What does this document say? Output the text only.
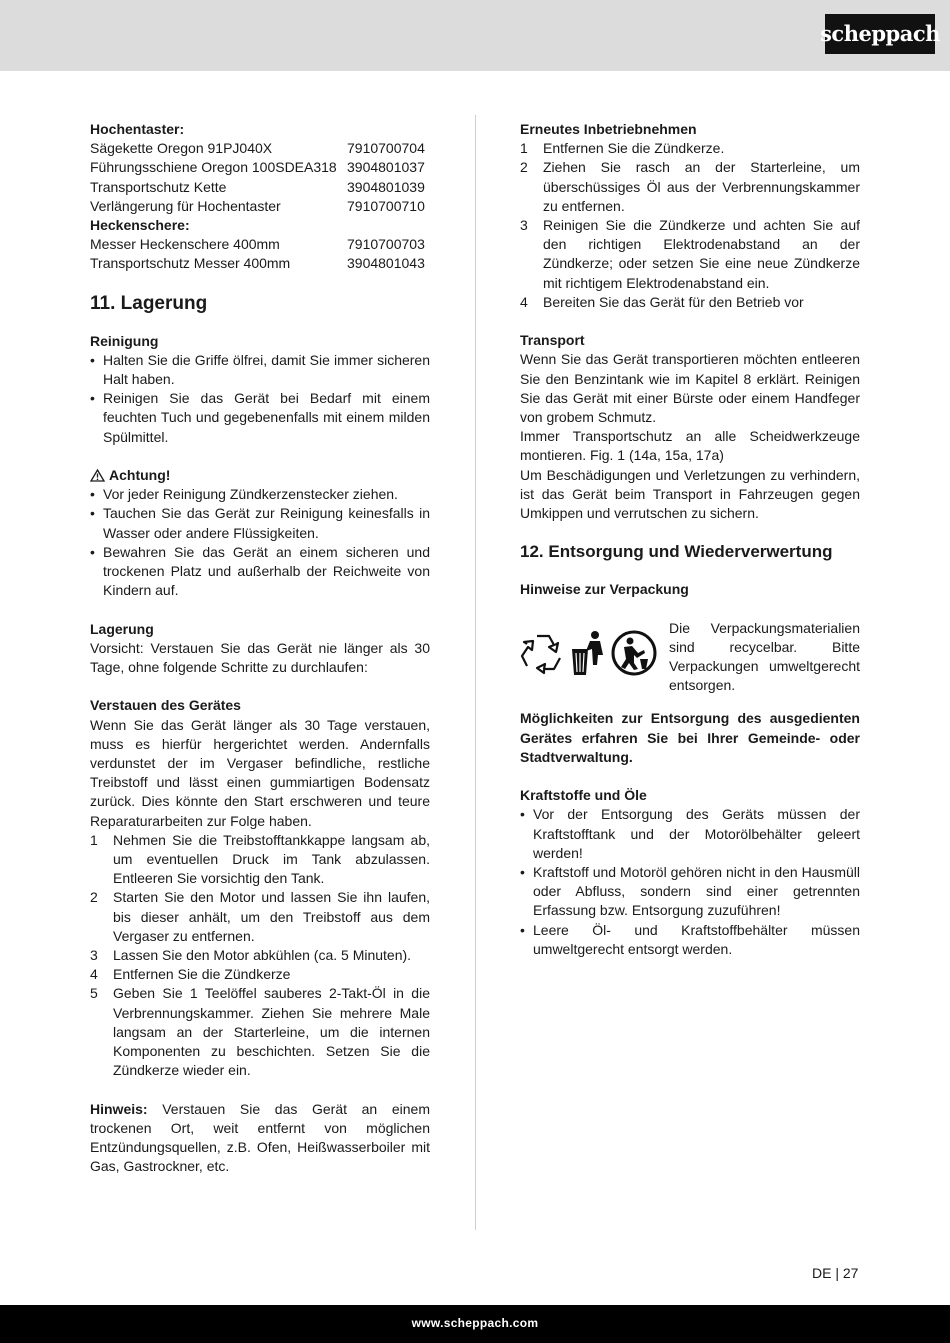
scheppach

Hochentaster:

Sägekette Oregon 91PJ040X	7910700704
Führungsschiene Oregon 100SDEA318 3904801037
Transportschutz Kette	3904801039
Verlängerung für Hochentaster	7910700710

Heckenschere:

Messer Heckenschere 400mm	7910700703
Transportschutz Messer 400mm	3904801043
11. Lagerung

Reinigung

• Halten Sie die Griffe ölfrei, damit Sie immer sicheren Halt haben.
• Reinigen Sie das Gerät bei Bedarf mit einem feuchten Tuch und gegebenenfalls mit einem milden Spülmittel.
Achtung!
• Vor jeder Reinigung Zündkerzenstecker ziehen.
• Tauchen Sie das Gerät zur Reinigung keinesfalls in Wasser oder andere Flüssigkeiten.
• Bewahren Sie das Gerät an einem sicheren und trockenen Platz und außerhalb der Reichweite von Kindern auf.

Lagerung

Vorsicht: Verstauen Sie das Gerät nie länger als 30 Tage, ohne folgende Schritte zu durchlaufen:

Verstauen des Gerätes

Wenn Sie das Gerät länger als 30 Tage verstauen, muss es hierfür hergerichtet werden. Andernfalls verdunstet der im Vergaser befindliche, restliche Treibstoff und lässt einen gummiartigen Bodensatz zurück. Dies könnte den Start erschweren und teure Reparaturarbeiten zur Folge haben.

1	Nehmen Sie die Treibstofftankkappe langsam ab, um eventuellen Druck im Tank abzulassen. Entleeren Sie vorsichtig den Tank.
2	Starten Sie den Motor und lassen Sie ihn laufen, bis dieser anhält, um den Treibstoff aus dem Vergaser zu entfernen.
3	Lassen Sie den Motor abkühlen (ca. 5 Minuten).
4	Entfernen Sie die Zündkerze
5	Geben Sie 1 Teelöffel sauberes 2-Takt-Öl in die Verbrennungskammer. Ziehen Sie mehrere Male langsam an der Starterleine, um die internen Komponenten zu beschichten. Setzen Sie die Zündkerze wieder ein.

Hinweis: Verstauen Sie das Gerät an einem trockenen Ort, weit entfernt von möglichen Entzündungsquellen, z.B. Ofen, Heißwasserboiler mit Gas, Gastrockner, etc.

Erneutes Inbetriebnehmen

1	Entfernen Sie die Zündkerze.
2	Ziehen Sie rasch an der Starterleine, um überschüssiges Öl aus der Verbrennungskammer zu entfernen.
3	Reinigen Sie die Zündkerze und achten Sie auf den richtigen Elektrodenabstand an der Zündkerze; oder setzen Sie eine neue Zündkerze mit richtigem Elektrodenabstand ein.
4	Bereiten Sie das Gerät für den Betrieb vor

Transport

Wenn Sie das Gerät transportieren möchten entleeren Sie den Benzintank wie im Kapitel 8 erklärt. Reinigen Sie das Gerät mit einer Bürste oder einem Handfeger von grobem Schmutz.

Immer Transportschutz an alle Scheidwerkzeuge montieren. Fig. 1 (14a, 15a, 17a)

Um Beschädigungen und Verletzungen zu verhindern, ist das Gerät beim Transport in Fahrzeugen gegen Umkippen und verrutschen zu sichern.

12. Entsorgung und Wiederverwertung

Hinweise zur Verpackung

Die Verpackungsmaterialien sind recycelbar. Bitte Verpackungen umweltgerecht entsorgen.

Möglichkeiten zur Entsorgung des ausgedienten Gerätes erfahren Sie bei Ihrer Gemeinde- oder Stadtverwaltung.

Kraftstoffe und Öle

• Vor der Entsorgung des Geräts müssen der Kraftstofftank und der Motorölbehälter geleert werden!
• Kraftstoff und Motoröl gehören nicht in den Hausmüll oder Abfluss, sondern sind einer getrennten Erfassung bzw. Entsorgung zuzuführen!
• Leere Öl- und Kraftstoffbehälter müssen umweltgerecht entsorgt werden.
DE | 27
www.scheppach.com
